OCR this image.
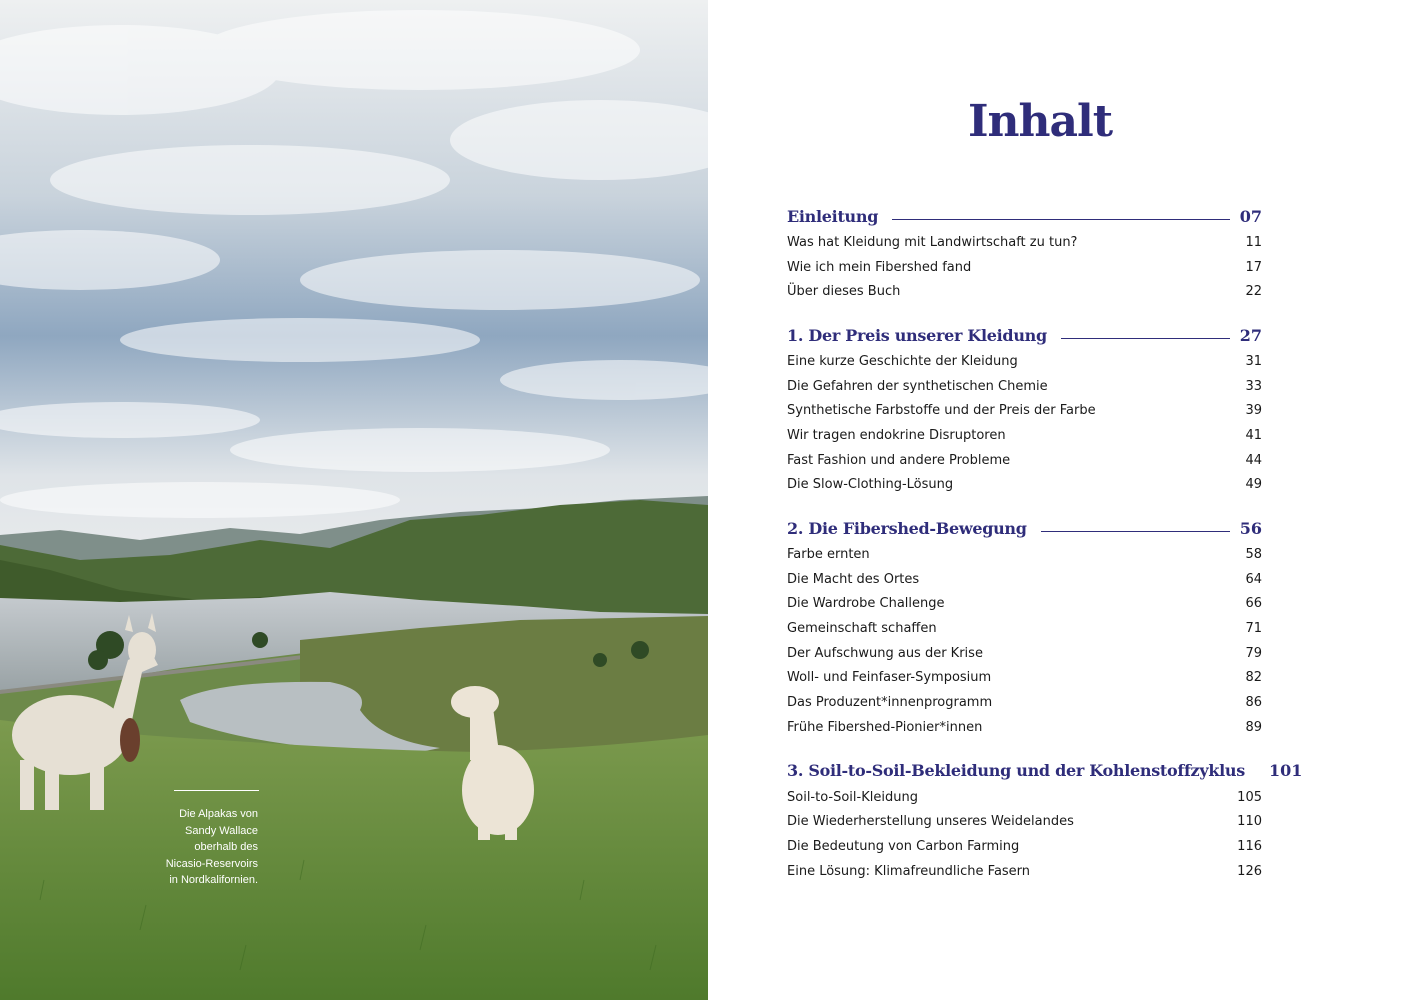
Die Alpakas von
Sandy Wallace
oberhalb des
Nicasio-Reservoirs
in Nordkalifornien.
Inhalt
Einleitung	07
Was hat Kleidung mit Landwirtschaft zu tun?	11
Wie ich mein Fibershed fand	17
Über dieses Buch	22
1. Der Preis unserer Kleidung	27
Eine kurze Geschichte der Kleidung	31
Die Gefahren der synthetischen Chemie	33
Synthetische Farbstoffe und der Preis der Farbe	39
Wir tragen endokrine Disruptoren	41
Fast Fashion und andere Probleme	44
Die Slow-Clothing-Lösung	49
2. Die Fibershed-Bewegung	56
Farbe ernten	58
Die Macht des Ortes	64
Die Wardrobe Challenge	66
Gemeinschaft schaffen	71
Der Aufschwung aus der Krise	79
Woll- und Feinfaser-Symposium	82
Das Produzent*innenprogramm	86
Frühe Fibershed-Pionier*innen	89
3. Soil-to-Soil-Bekleidung und der Kohlenstoffzyklus 101
Soil-to-Soil-Kleidung	105
Die Wiederherstellung unseres Weidelandes	110
Die Bedeutung von Carbon Farming	116
Eine Lösung: Klimafreundliche Fasern	126
